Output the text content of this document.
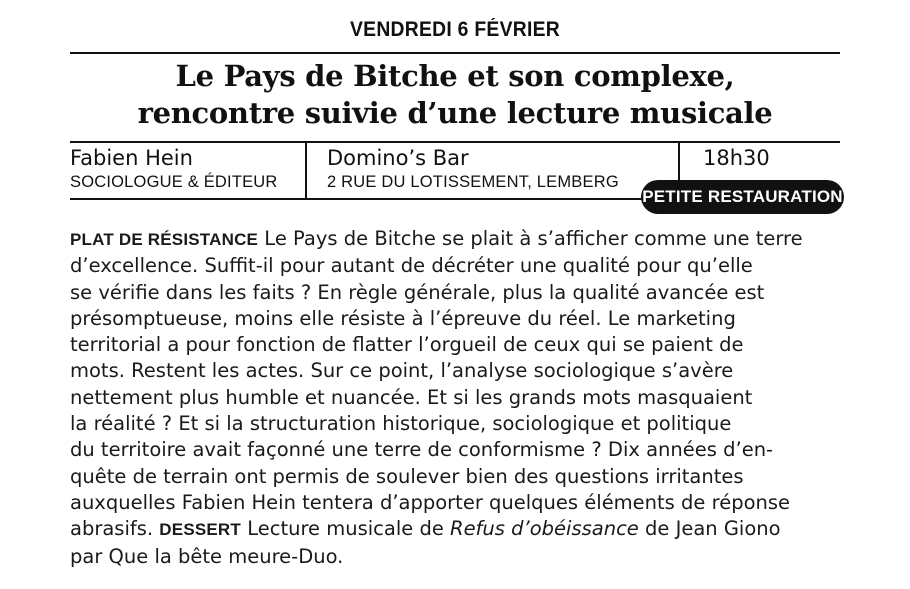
VENDREDI 6 FÉVRIER
Le Pays de Bitche et son complexe,
rencontre suivie d’une lecture musicale
Fabien Hein
SOCIOLOGUE & ÉDITEUR
Domino’s Bar
2 RUE DU LOTISSEMENT, LEMBERG
18h30
PETITE RESTAURATION
PLAT DE RÉSISTANCE Le Pays de Bitche se plait à s’afficher comme une terre
d’excellence. Suffit-il pour autant de décréter une qualité pour qu’elle
se vérifie dans les faits ? En règle générale, plus la qualité avancée est
présomptueuse, moins elle résiste à l’épreuve du réel. Le marketing
territorial a pour fonction de flatter l’orgueil de ceux qui se paient de
mots. Restent les actes. Sur ce point, l’analyse sociologique s’avère
nettement plus humble et nuancée. Et si les grands mots masquaient
la réalité ? Et si la structuration historique, sociologique et politique
du territoire avait façonné une terre de conformisme ? Dix années d’en-
quête de terrain ont permis de soulever bien des questions irritantes
auxquelles Fabien Hein tentera d’apporter quelques éléments de réponse
abrasifs. DESSERT Lecture musicale de Refus d’obéissance de Jean Giono
par Que la bête meure-Duo.
